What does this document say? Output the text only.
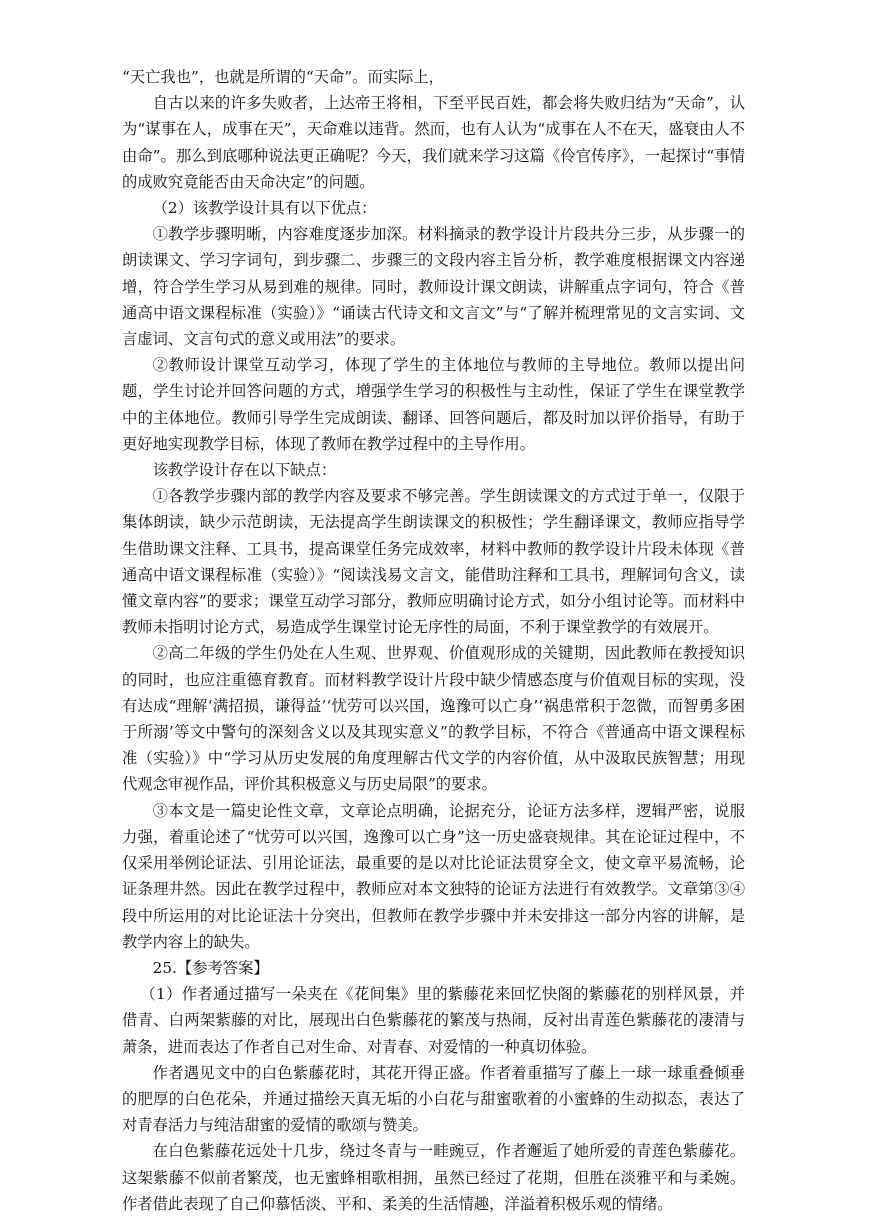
“天亡我也”，也就是所谓的“天命”。而实际上，

自古以来的许多失败者，上达帝王将相，下至平民百姓，都会将失败归结为“天命”，认为“谋事在人，成事在天”，天命难以违背。然而，也有人认为“成事在人不在天，盛衰由人不由命”。那么到底哪种说法更正确呢？今天，我们就来学习这篇《伶官传序》，一起探讨“事情的成败究竟能否由天命决定”的问题。

（2）该教学设计具有以下优点：

①教学步骤明晰，内容难度逐步加深。材料摘录的教学设计片段共分三步，从步骤一的朗读课文、学习字词句，到步骤二、步骤三的文段内容主旨分析，教学难度根据课文内容递增，符合学生学习从易到难的规律。同时，教师设计课文朗读，讲解重点字词句，符合《普通高中语文课程标准（实验）》“诵读古代诗文和文言文”与“了解并梳理常见的文言实词、文言虚词、文言句式的意义或用法”的要求。

②教师设计课堂互动学习，体现了学生的主体地位与教师的主导地位。教师以提出问题，学生讨论并回答问题的方式，增强学生学习的积极性与主动性，保证了学生在课堂教学中的主体地位。教师引导学生完成朗读、翻译、回答问题后，都及时加以评价指导，有助于更好地实现教学目标，体现了教师在教学过程中的主导作用。

该教学设计存在以下缺点：

①各教学步骤内部的教学内容及要求不够完善。学生朗读课文的方式过于单一，仅限于集体朗读，缺少示范朗读，无法提高学生朗读课文的积极性；学生翻译课文，教师应指导学生借助课文注释、工具书，提高课堂任务完成效率，材料中教师的教学设计片段未体现《普通高中语文课程标准（实验）》“阅读浅易文言文，能借助注释和工具书，理解词句含义，读懂文章内容”的要求；课堂互动学习部分，教师应明确讨论方式，如分小组讨论等。而材料中教师未指明讨论方式，易造成学生课堂讨论无序性的局面，不利于课堂教学的有效展开。

②高二年级的学生仍处在人生观、世界观、价值观形成的关键期，因此教师在教授知识的同时，也应注重德育教育。而材料教学设计片段中缺少情感态度与价值观目标的实现，没有达成“理解‘满招损，谦得益’‘忧劳可以兴国，逸豫可以亡身’‘祸患常积于忽微，而智勇多困于所溺’等文中警句的深刻含义以及其现实意义”的教学目标，不符合《普通高中语文课程标准（实验）》中“学习从历史发展的角度理解古代文学的内容价值，从中汲取民族智慧；用现代观念审视作品，评价其积极意义与历史局限”的要求。

③本文是一篇史论性文章，文章论点明确，论据充分，论证方法多样，逻辑严密，说服力强，着重论述了“忧劳可以兴国，逸豫可以亡身”这一历史盛衰规律。其在论证过程中，不仅采用举例论证法、引用论证法，最重要的是以对比论证法贯穿全文，使文章平易流畅，论证条理井然。因此在教学过程中，教师应对本文独特的论证方法进行有效教学。文章第③④段中所运用的对比论证法十分突出，但教师在教学步骤中并未安排这一部分内容的讲解，是教学内容上的缺失。

25.【参考答案】

（1）作者通过描写一朵夹在《花间集》里的紫藤花来回忆快阁的紫藤花的别样风景，并借青、白两架紫藤的对比，展现出白色紫藤花的繁茂与热闹，反衬出青莲色紫藤花的凄清与萧条，进而表达了作者自己对生命、对青春、对爱情的一种真切体验。

作者遇见文中的白色紫藤花时，其花开得正盛。作者着重描写了藤上一球一球重叠倾垂的肥厚的白色花朵，并通过描绘天真无垢的小白花与甜蜜歌着的小蜜蜂的生动拟态，表达了对青春活力与纯洁甜蜜的爱情的歌颂与赞美。

在白色紫藤花远处十几步，绕过冬青与一畦豌豆，作者邂逅了她所爱的青莲色紫藤花。这架紫藤不似前者繁茂，也无蜜蜂相歌相拥，虽然已经过了花期，但胜在淡雅平和与柔婉。作者借此表现了自己仰慕恬淡、平和、柔美的生活情趣，洋溢着积极乐观的情绪。
